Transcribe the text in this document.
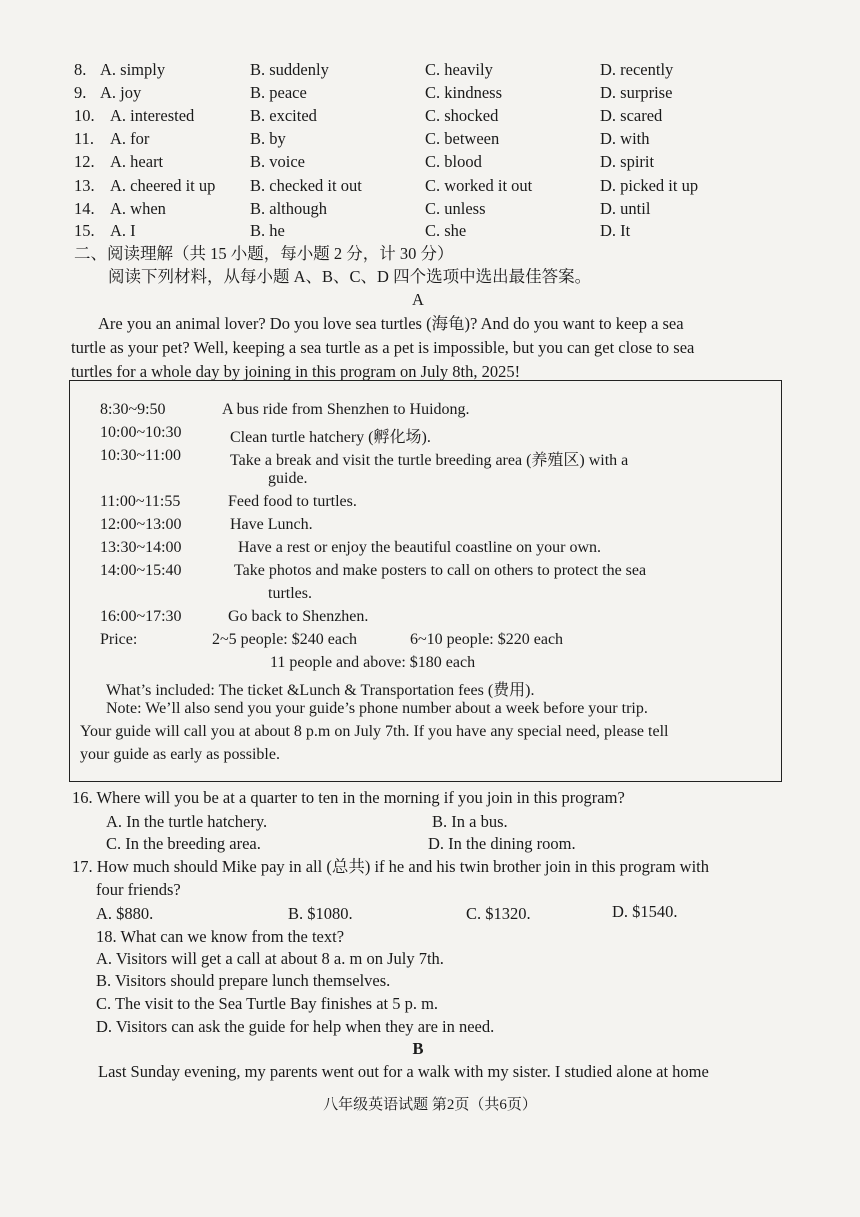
8. A. simply	B. suddenly	C. heavily	D. recently
9. A. joy	B. peace	C. kindness	D. surprise
10. A. interested	B. excited	C. shocked	D. scared
11. A. for	B. by	C. between	D. with
12. A. heart	B. voice	C. blood	D. spirit
13. A. cheered it up B. checked it out	C. worked it out	D. picked it up
14. A. when	B. although	C. unless	D. until
15. A. I	B. he	C. she	D. It
二、阅读理解（共 15 小题，每小题 2 分，计 30 分）
阅读下列材料，从每小题 A、B、C、D 四个选项中选出最佳答案。
A
Are you an animal lover? Do you love sea turtles (海龟)? And do you want to keep a sea
turtle as your pet? Well, keeping a sea turtle as a pet is impossible, but you can get close to sea
turtles for a whole day by joining in this program on July 8th, 2025!
8:30~9:50	A bus ride from Shenzhen to Huidong.
10:00~10:30	Clean turtle hatchery (孵化场).
10:30~11:00	Take a break and visit the turtle breeding area (养殖区) with a
guide.
11:00~11:55	Feed food to turtles.
12:00~13:00	Have Lunch.
13:30~14:00	Have a rest or enjoy the beautiful coastline on your own.
14:00~15:40	Take photos and make posters to call on others to protect the sea
turtles.
16:00~17:30	Go back to Shenzhen.
Price:	2~5 people: $240 each	6~10 people: $220 each
11 people and above: $180 each
What’s included: The ticket &Lunch & Transportation fees (费用).
Note: We’ll also send you your guide’s phone number about a week before your trip.
Your guide will call you at about 8 p.m on July 7th. If you have any special need, please tell
your guide as early as possible.
16. Where will you be at a quarter to ten in the morning if you join in this program?
A. In the turtle hatchery.	B. In a bus.
C. In the breeding area.	D. In the dining room.
17. How much should Mike pay in all (总共) if he and his twin brother join in this program with
four friends?
A. $880.	B. $1080.	C. $1320.	D. $1540.
18. What can we know from the text?
A. Visitors will get a call at about 8 a. m on July 7th.
B. Visitors should prepare lunch themselves.
C. The visit to the Sea Turtle Bay finishes at 5 p. m.
D. Visitors can ask the guide for help when they are in need.
B
Last Sunday evening, my parents went out for a walk with my sister. I studied alone at home
八年级英语试题 第2页（共6页）
